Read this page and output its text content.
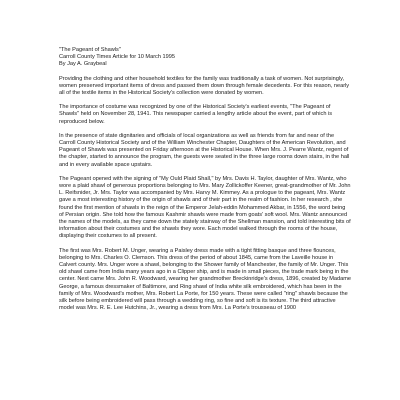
"The Pageant of Shawls"
Carroll County Times Article for 10 March 1995
By Jay A. Graybeal

Providing the clothing and other household textiles for the family was traditionally a task of women. Not surprisingly, women preserved important items of dress and passed them down through female decedents. For this reason, nearly all of the textile items in the Historical Society's collection were donated by women.

The importance of costume was recognized by one of the Historical Society's earliest events, "The Pageant of Shawls" held on November 28, 1941. This newspaper carried a lengthy article about the event, part of which is reproduced below.

In the presence of state dignitaries and officials of local organizations as well as friends from far and near of the Carroll County Historical Society and of the William Winchester Chapter, Daughters of the American Revolution, and Pageant of Shawls was presented on Friday afternoon at the Historical House. When Mrs. J. Pearre Wantz, regent of the chapter, started to announce the program, the guests were seated in the three large rooms down stairs, in the hall and in every available space upstairs.

The Pageant opened with the signing of "My Ould Plaid Shall," by Mrs. Davis H. Taylor, daughter of Mrs. Wantz, who wore a plaid shawl of generous proportions belonging to Mrs. Mary Zollickoffer Keener, great-grandmother of Mr. John L. Reifsnider, Jr. Mrs. Taylor was accompanied by Mrs. Harvy M. Kimmey. As a prologue to the pageant, Mrs. Wantz gave a most interesting history of the origin of shawls and of their part in the realm of fashion. In her research , she found the first mention of shawls in the reign of the Emperor Jelah-eddin Mohammed Akbar, in 1556, the word being of Persian origin. She told how the famous Kashmir shawls were made from goats' soft wool. Mrs. Wantz announced the names of the models, as they came down the stately stairway of the Shellman mansion, and told interesting bits of information about their costumes and the shawls they wore. Each model walked through the rooms of the house, displaying their costumes to all present.

The first was Mrs. Robert M. Unger, wearing a Paisley dress made with a tight fitting basque and three flounces, belonging to Mrs. Charles O. Clemson. This dress of the period of about 1845, came from the Laveille house in Calvert county. Mrs. Unger wore a shawl, belonging to the Shower family of Manchester, the family of Mr. Unger. This old shawl came from India many years ago in a Clipper ship, and is made in small pieces, the trade mark being in the center. Next came Mrs. John R. Woodward, wearing her grandmother Breckinridge's dress, 1896, created by Madame George, a famous dressmaker of Baltimore, and Ring shawl of India white silk embroidered, which has been in the family of Mrs. Woodward's mother, Mrs. Robert La Porte, for 150 years. These were called "ring" shawls because the silk before being embroidered will pass through a wedding ring, so fine and soft is its texture. The third attractive model was Mrs. R. E. Lee Hutchins, Jr., wearing a dress from Mrs. La Porte's trousseau of 1900
